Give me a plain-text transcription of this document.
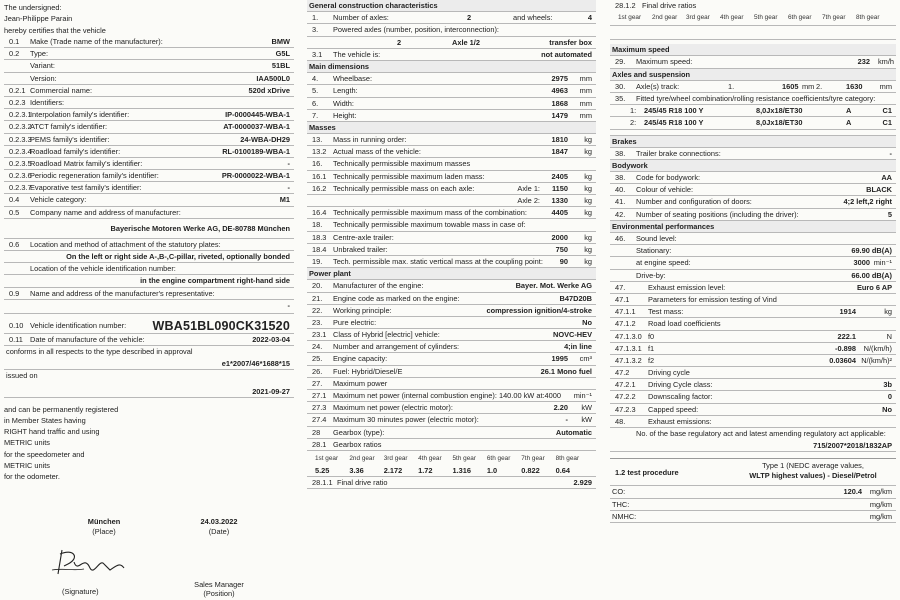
The undersigned:
Jean-Philippe Parain
hereby certifies that the vehicle
0.1 Make (Trade name of the manufacturer):	BMW
0.2 Type:	G5L
Variant:	51BL
Version:	IAA500L0
0.2.1 Commercial name:	520d xDrive
0.2.3 Identifiers:
0.2.3.1
Interpolation family's identifier:	IP-0000445-WBA-1
0.2.3.2
ATCT family's identifier:	AT-0000037-WBA-1
0.2.3.3
PEMS family's identifier:	24-WBA-DH29
0.2.3.4
Roadload family's identifier:	RL-0100189-WBA-1
0.2.3.5
Roadload Matrix family's identifier:	-
0.2.3.6
Periodic regeneration family's identifier:	PR-0000022-WBA-1
0.2.3.7
Evaporative test family's identifier:	-
0.4 Vehicle category:	M1
0.5 Company name and address of manufacturer:
Bayerische Motoren Werke AG, DE-80788 München
0.6 Location and method of attachment of the statutory plates:
On the left or right side A-,B-,C-pillar, riveted, optionally bonded
Location of the vehicle identification number:
in the engine compartment right-hand side
0.9 Name and address of the manufacturer's representative:
-
0.10 Vehicle identification number: WBA51BL090CK31520
0.11 Date of manufacture of the vehicle:	2022-03-04
conforms in all respects to the type described in approval
e1*2007/46*1688*15
issued on
2021-09-27
and can be permanently registered
in Member States having
RIGHT hand traffic and using
METRIC units
for the speedometer and
METRIC units
for the odometer.
München
(Place)
24.03.2022
(Date)
(Signature)
Sales Manager
(Position)
General construction characteristics
1. Number of axles:	2	and wheels:	4
3. Powered axles (number, position, interconnection):
2	Axle 1/2	transfer box
3.1 The vehicle is:	not automated
Main dimensions
4. Wheelbase:	2975 mm
5. Length:	4963 mm
6. Width:	1868 mm
7. Height:	1479 mm
Masses
13. Mass in running order:	1810 kg
13.2 Actual mass of the vehicle:	1847 kg
16. Technically permissible maximum masses
16.1 Technically permissible maximum laden mass:	2405 kg
16.2 Technically permissible mass on each axle:	Axle 1: 1150 kg
Axle 2: 1330 kg
16.4 Technically permissible maximum mass of the combination:	4405 kg
18. Technically permissible maximum towable mass in case of:
18.3 Centre-axle trailer:	2000 kg
18.4 Unbraked trailer:	750 kg
19. Tech. permissible max. static vertical mass at the coupling point: 90 kg
Power plant
20. Manufacturer of the engine:	Bayer. Mot. Werke AG
21. Engine code as marked on the engine:	B47D20B
22. Working principle:	compression ignition/4-stroke
23. Pure electric:	No
23.1 Class of Hybrid [electric] vehicle:	NOVC-HEV
24. Number and arrangement of cylinders:	4;in line
25. Engine capacity:	1995 cm³
26. Fuel: Hybrid/Diesel/E	26.1 Mono fuel
27. Maximum power
27.1 Maximum net power (internal combustion engine): 140.00 kW at:4000 min⁻¹
27.3 Maximum net power (electric motor):	2.20 kW
27.4 Maximum 30 minutes power (electric motor):	- kW
28 Gearbox (type):	Automatic
28.1 Gearbox ratios
1st gear	2nd gear	3rd gear	4th gear	5th gear	6th gear	7th gear	8th gear
5.25	3.36	2.172	1.72	1.316	1.0	0.822	0.64
28.1.1 Final drive ratio	2.929
28.1.2 Final drive ratios
1st gear	2nd gear	3rd gear	4th gear	5th gear	6th gear	7th gear	8th gear
Maximum speed
29. Maximum speed:	232 km/h
Axles and suspension
30. Axle(s) track:	1.	1605 mm 2.	1630 mm
35. Fitted tyre/wheel combination/rolling resistance coefficients/tyre category:
1: 245/45 R18 100 Y	8,0Jx18/ET30	A	C1
2: 245/45 R18 100 Y	8,0Jx18/ET30	A	C1
Brakes
38. Trailer brake connections:	-
Bodywork
38. Code for bodywork:	AA
40. Colour of vehicle:	BLACK
41. Number and configuration of doors:	4;2 left,2 right
42. Number of seating positions (including the driver):	5
Environmental performances
46. Sound level:
Stationary:	69.90 dB(A)
at engine speed:	3000 min⁻¹
Drive-by:	66.00 dB(A)
47.	Exhaust emission level:	Euro 6 AP
47.1	Parameters for emission testing of Vind
47.1.1 Test mass:	1914	kg
47.1.2 Road load coefficients
47.1.3.0 f0	222.1	N
47.1.3.1 f1	-0.898 N/(km/h)
47.1.3.2 f2	0.03604 N/(km/h)²
47.2	Driving cycle
47.2.1 Driving Cycle class:	3b
47.2.2 Downscaling factor:	0
47.2.3 Capped speed:	No
48.	Exhaust emissions:
No. of the base regulatory act and latest amending regulatory act applicable:
715/2007*2018/1832AP
1.2 test procedure
Type 1 (NEDC average values,
WLTP highest values) - Diesel/Petrol
CO:	120.4 mg/km
THC:	mg/km
NMHC:	mg/km
